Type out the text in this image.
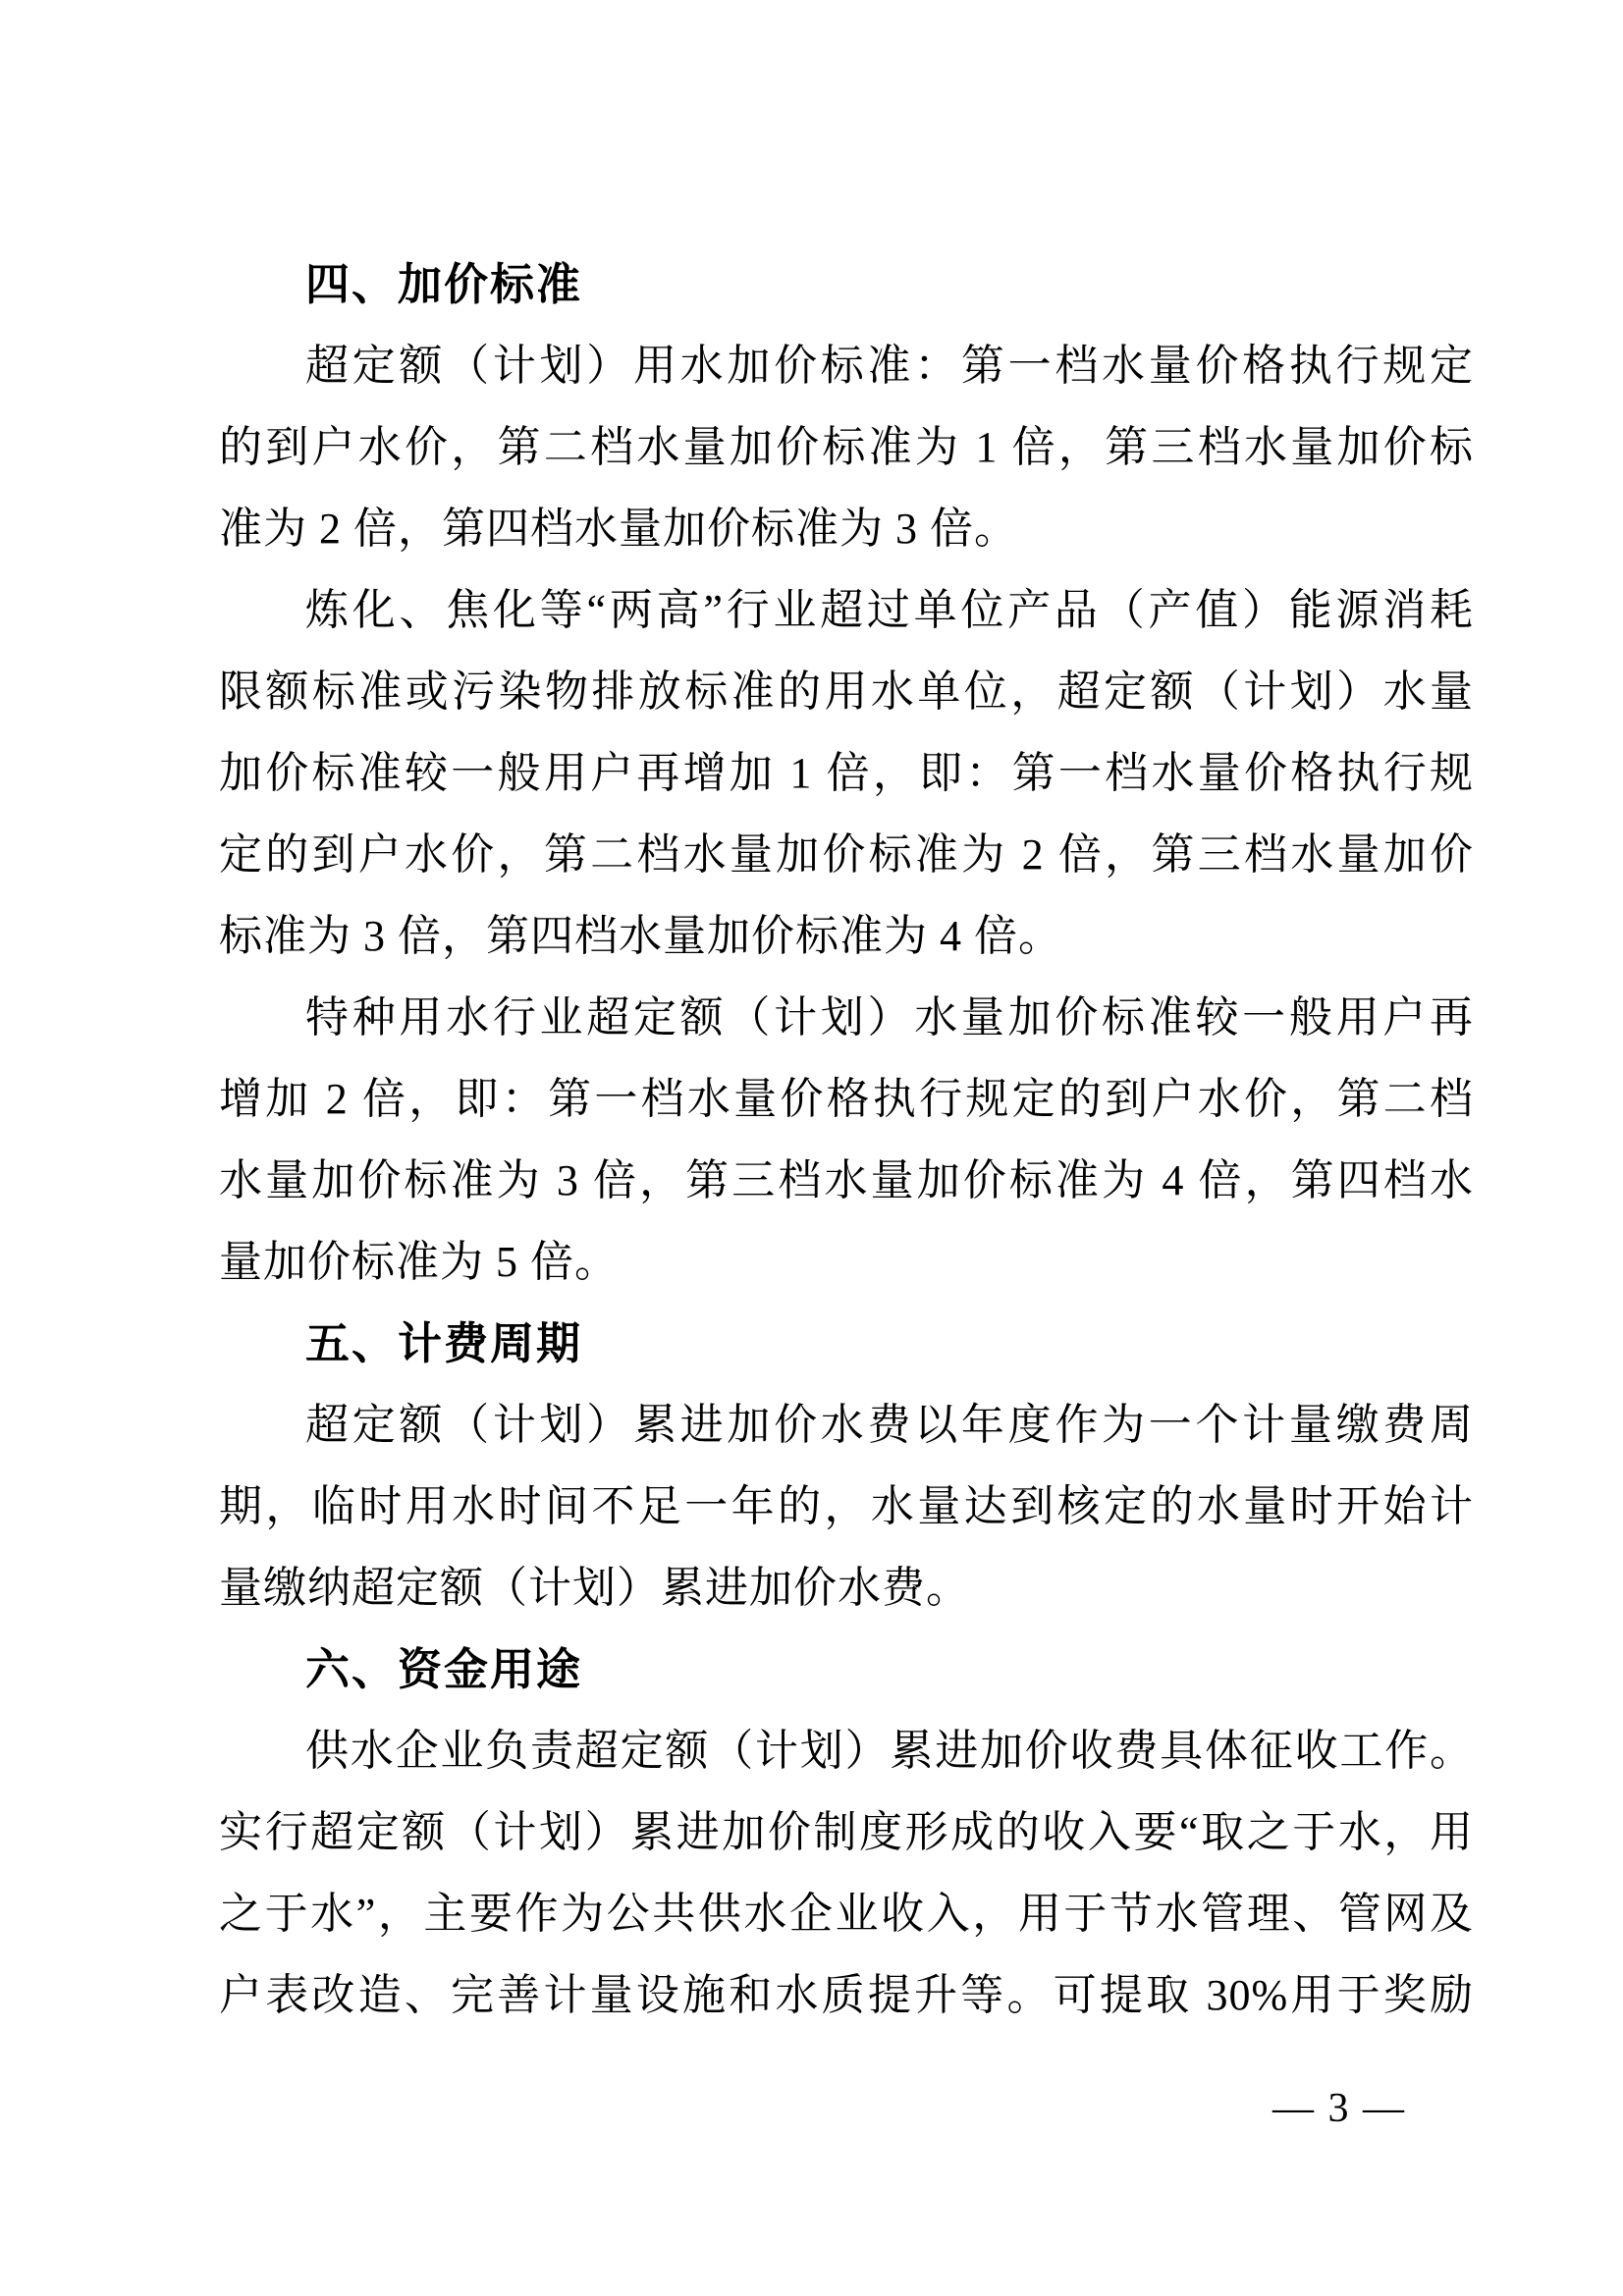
四、加价标准
超定额（计划）用水加价标准：第一档水量价格执行规定
的到户水价，第二档水量加价标准为 1 倍，第三档水量加价标
准为 2 倍，第四档水量加价标准为 3 倍。
炼化、焦化等“两高”行业超过单位产品（产值）能源消耗
限额标准或污染物排放标准的用水单位，超定额（计划）水量
加价标准较一般用户再增加 1 倍，即：第一档水量价格执行规
定的到户水价，第二档水量加价标准为 2 倍，第三档水量加价
标准为 3 倍，第四档水量加价标准为 4 倍。
特种用水行业超定额（计划）水量加价标准较一般用户再
增加 2 倍，即：第一档水量价格执行规定的到户水价，第二档
水量加价标准为 3 倍，第三档水量加价标准为 4 倍，第四档水
量加价标准为 5 倍。
五、计费周期
超定额（计划）累进加价水费以年度作为一个计量缴费周
期，临时用水时间不足一年的，水量达到核定的水量时开始计
量缴纳超定额（计划）累进加价水费。
六、资金用途
供水企业负责超定额（计划）累进加价收费具体征收工作。
实行超定额（计划）累进加价制度形成的收入要“取之于水，用
之于水”，主要作为公共供水企业收入，用于节水管理、管网及
户表改造、完善计量设施和水质提升等。可提取 30%用于奖励
— 3 —
